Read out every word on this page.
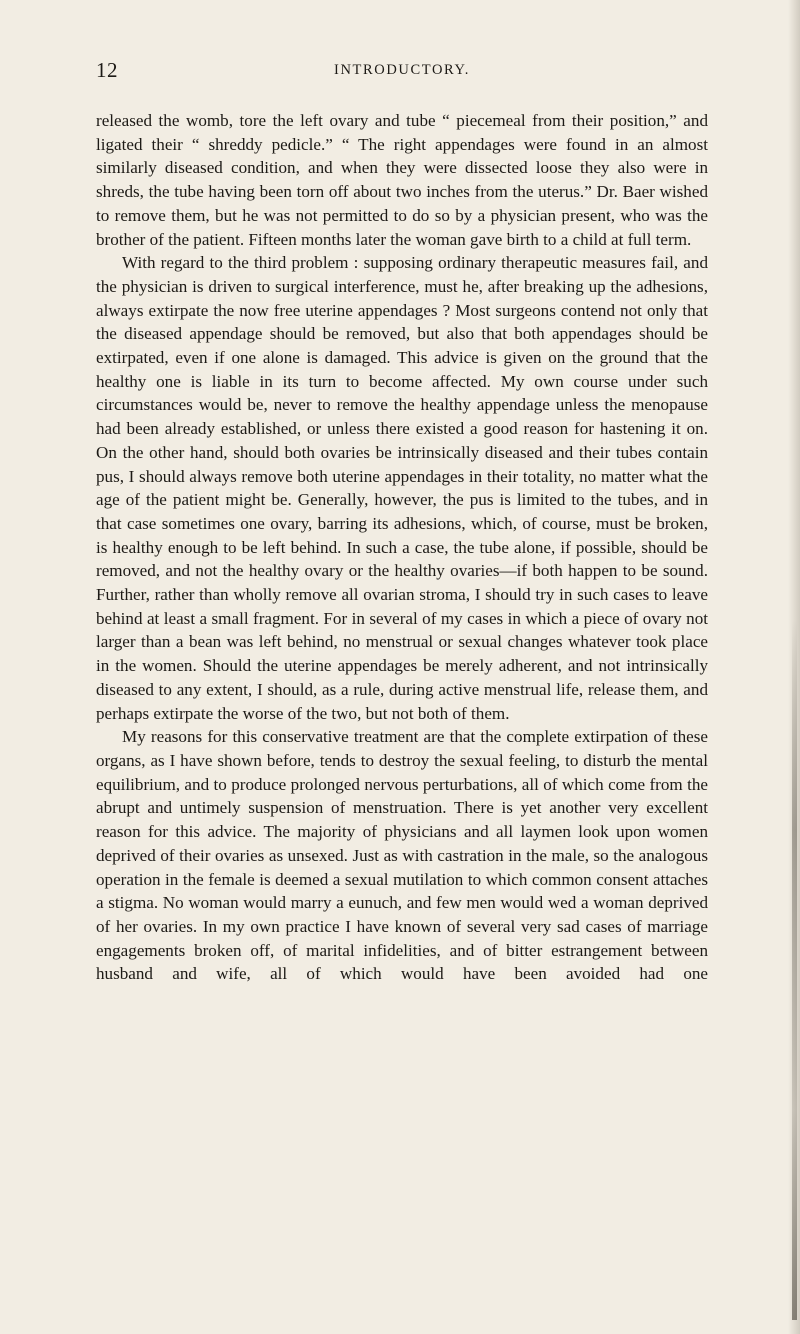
12	INTRODUCTORY.

released the womb, tore the left ovary and tube “ piecemeal from their position,” and ligated their “ shreddy pedicle.” “ The right appendages were found in an almost similarly diseased condition, and when they were dissected loose they also were in shreds, the tube having been torn off about two inches from the uterus.” Dr. Baer wished to remove them, but he was not permitted to do so by a physician present, who was the brother of the patient. Fifteen months later the woman gave birth to a child at full term.

With regard to the third problem : supposing ordinary therapeutic measures fail, and the physician is driven to surgical interference, must he, after breaking up the adhesions, always extirpate the now free uterine appendages ? Most surgeons contend not only that the diseased appendage should be removed, but also that both appendages should be extirpated, even if one alone is damaged. This advice is given on the ground that the healthy one is liable in its turn to become affected. My own course under such circumstances would be, never to remove the healthy appendage unless the menopause had been already established, or unless there existed a good reason for hastening it on. On the other hand, should both ovaries be intrinsically diseased and their tubes contain pus, I should always remove both uterine appendages in their totality, no matter what the age of the patient might be. Generally, however, the pus is limited to the tubes, and in that case sometimes one ovary, barring its adhesions, which, of course, must be broken, is healthy enough to be left behind. In such a case, the tube alone, if possible, should be removed, and not the healthy ovary or the healthy ovaries—if both happen to be sound. Further, rather than wholly remove all ovarian stroma, I should try in such cases to leave behind at least a small fragment. For in several of my cases in which a piece of ovary not larger than a bean was left behind, no menstrual or sexual changes whatever took place in the women. Should the uterine appendages be merely adherent, and not intrinsically diseased to any extent, I should, as a rule, during active menstrual life, release them, and perhaps extirpate the worse of the two, but not both of them.

My reasons for this conservative treatment are that the complete extirpation of these organs, as I have shown before, tends to destroy the sexual feeling, to disturb the mental equilibrium, and to produce prolonged nervous perturbations, all of which come from the abrupt and untimely suspension of menstruation. There is yet another very excellent reason for this advice. The majority of physicians and all laymen look upon women deprived of their ovaries as unsexed. Just as with castration in the male, so the analogous operation in the female is deemed a sexual mutilation to which common consent attaches a stigma. No woman would marry a eunuch, and few men would wed a woman deprived of her ovaries. In my own practice I have known of several very sad cases of marriage engagements broken off, of marital infidelities, and of bitter estrangement between husband and wife, all of which would have been avoided had one
